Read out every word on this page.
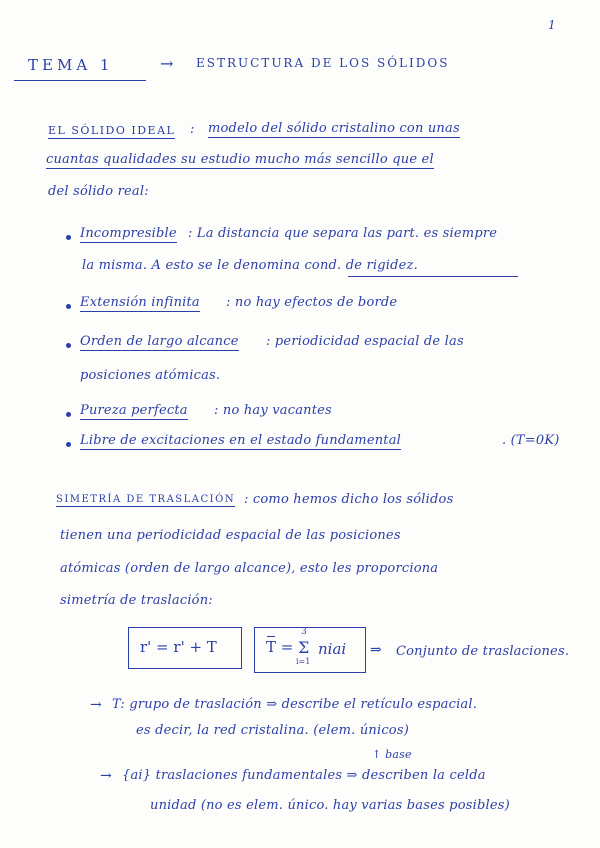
1
TEMA 1	→ ESTRUCTURA DE LOS SÓLIDOS
EL SÓLIDO IDEAL : modelo del sólido cristalino con unas
cuantas qualidades su estudio mucho más sencillo que el
del sólido real:
Incompresible : La distancia que separa las part. es siempre
la misma. A esto se le denomina cond. de rigidez.
Extensión infinita : no hay efectos de borde
Orden de largo alcance : periodicidad espacial de las
posiciones atómicas.
Pureza perfecta : no hay vacantes
Libre de excitaciones en el estado fundamental	. (T=0K)
SIMETRÍA DE TRASLACIÓN : como hemos dicho los sólidos
tienen una periodicidad espacial de las posiciones
atómicas (orden de largo alcance), esto les proporciona
simetría de traslación:
r' = r' + T	T =
3
Σ
i=1
niai ⇒ Conjunto de traslaciones.
→ T: grupo de traslación ⇒ describe el retículo espacial.
es decir, la red cristalina. (elem. únicos)
↑ base
→ {ai} traslaciones fundamentales ⇒ describen la celda
unidad (no es elem. único. hay varias bases posibles)
